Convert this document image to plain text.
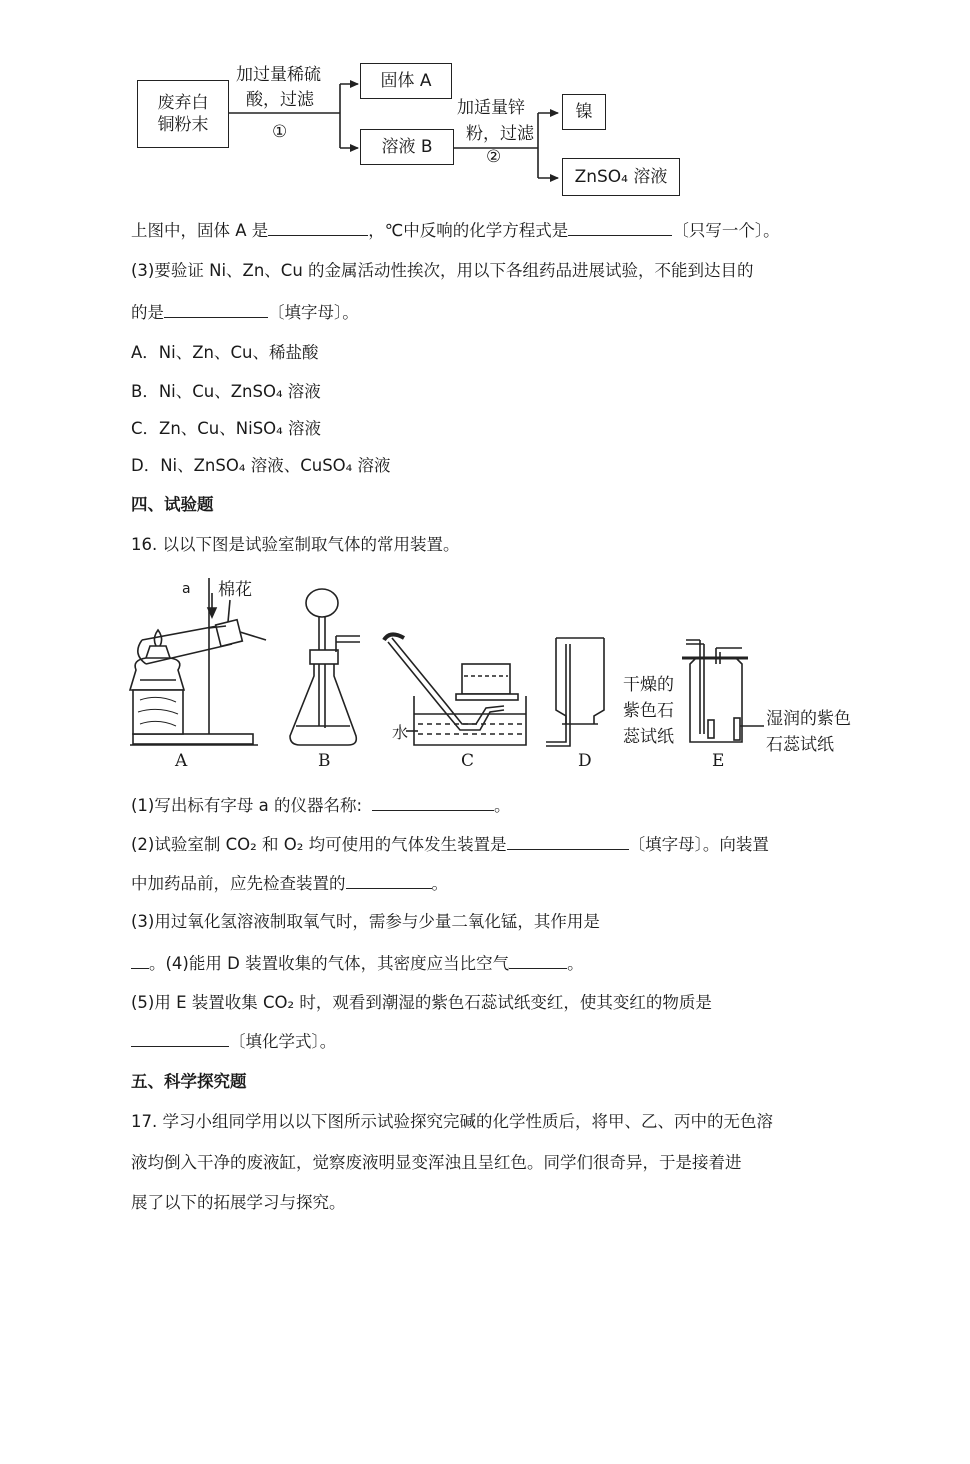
废弃白
铜粉末
加过量稀硫
酸，过滤
①
固体 A
溶液 B
加适量锌
粉，过滤
②
镍
ZnSO₄ 溶液
上图中，固体 A 是	，℃中反响的化学方程式是	〔只写一个〕。
(3)要验证 Ni、Zn、Cu 的金属活动性挨次，用以下各组药品进展试验，不能到达目的
的是	〔填字母〕。
A．Ni、Zn、Cu、稀盐酸
B．Ni、Cu、ZnSO₄ 溶液
C．Zn、Cu、NiSO₄ 溶液
D．Ni、ZnSO₄ 溶液、CuSO₄ 溶液
四、试验题
16. 以以下图是试验室制取气体的常用装置。
a 棉花
水
干燥的
紫色石
蕊试纸
湿润的紫色
石蕊试纸
A	B	C	D	E
(1)写出标有字母 a 的仪器名称:	。
(2)试验室制 CO₂ 和 O₂ 均可使用的气体发生装置是	〔填字母〕。向装置
中加药品前，应先检查装置的	。
(3)用过氧化氢溶液制取氧气时，需参与少量二氧化锰，其作用是
。(4)能用 D 装置收集的气体，其密度应当比空气	。
(5)用 E 装置收集 CO₂ 时，观看到潮湿的紫色石蕊试纸变红，使其变红的物质是
〔填化学式〕。
五、科学探究题
17. 学习小组同学用以以下图所示试验探究完碱的化学性质后，将甲、乙、丙中的无色溶
液均倒入干净的废液缸，觉察废液明显变浑浊且呈红色。同学们很奇异，于是接着进
展了以下的拓展学习与探究。
